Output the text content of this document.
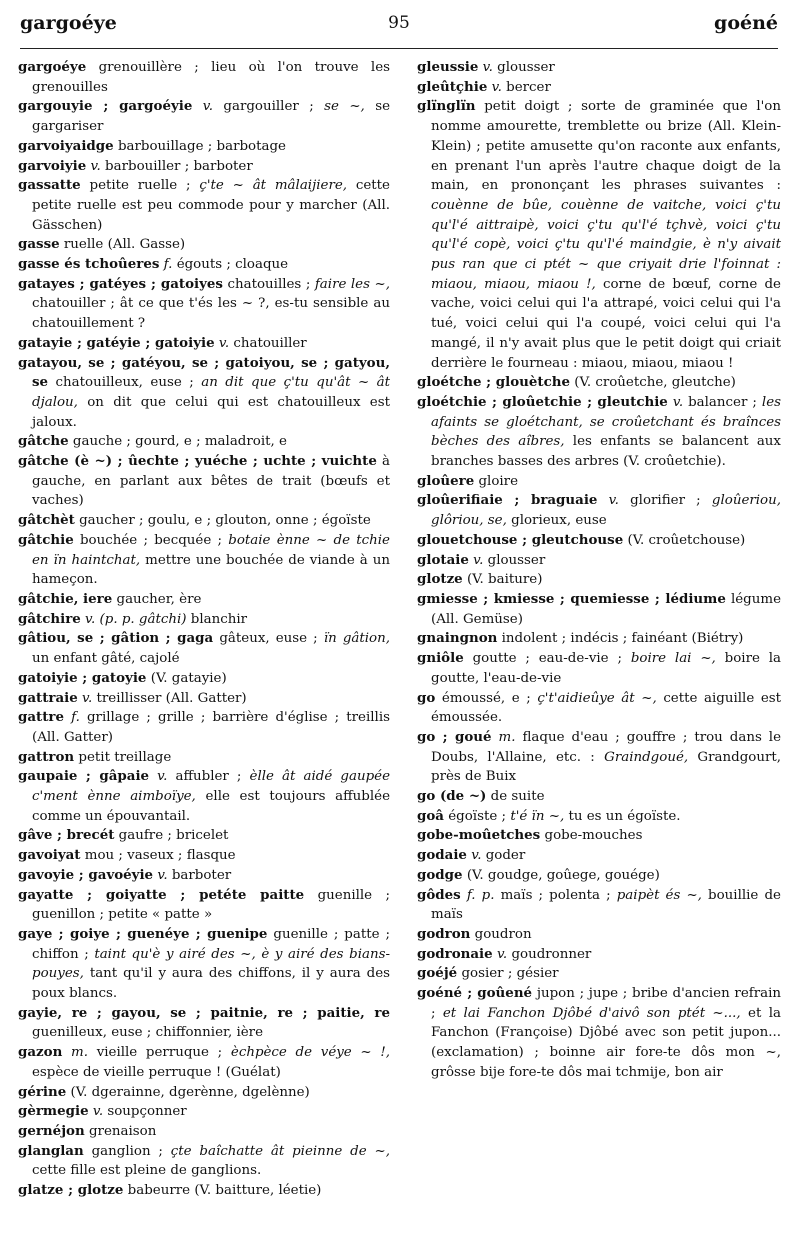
gargoéye	95	goéné

gargoéye grenouillère ; lieu où l'on trouve les grenouilles

gargouyie ; gargoéyie v. gargouiller ; se ~, se gargariser

garvoiyaidge barbouillage ; barbotage

garvoiyie v. barbouiller ; barboter

gassatte petite ruelle ; ç'te ~ ât mâlaijiere, cette petite ruelle est peu commode pour y marcher (All. Gässchen)

gasse ruelle (All. Gasse)

gasse és tchoûeres f. égouts ; cloaque

gatayes ; gatéyes ; gatoiyes chatouilles ; faire les ~, chatouiller ; ât ce que t'és les ~ ?, es-tu sensible au chatouillement ?

gatayie ; gatéyie ; gatoiyie v. chatouiller

gatayou, se ; gatéyou, se ; gatoiyou, se ; gatyou, se chatouilleux, euse ; an dit que ç'tu qu'ât ~ ât djalou, on dit que celui qui est chatouilleux est jaloux.

gâtche gauche ; gourd, e ; maladroit, e

gâtche (è ~) ; ûechte ; yuéche ; uchte ; vuichte à gauche, en parlant aux bêtes de trait (bœufs et vaches)

gâtchèt gaucher ; goulu, e ; glouton, onne ; égoïste

gâtchie bouchée ; becquée ; botaie ènne ~ de tchie en ïn haintchat, mettre une bouchée de viande à un hameçon.

gâtchie, iere gaucher, ère

gâtchire v. (p. p. gâtchi) blanchir

gâtiou, se ; gâtion ; gaga gâteux, euse ; ïn gâtion, un enfant gâté, cajolé

gatoiyie ; gatoyie (V. gatayie)

gattraie v. treillisser (All. Gatter)

gattre f. grillage ; grille ; barrière d'église ; treillis (All. Gatter)

gattron petit treillage

gaupaie ; gâpaie v. affubler ; èlle ât aidé gaupée c'ment ènne aimboïye, elle est toujours affublée comme un épouvantail.

gâve ; brecét gaufre ; bricelet

gavoiyat mou ; vaseux ; flasque

gavoyie ; gavoéyie v. barboter

gayatte ; goiyatte ; petéte paitte guenille ; guenillon ; petite « patte »

gaye ; goiye ; guenéye ; guenipe guenille ; patte ; chiffon ; taint qu'è y airé des ~, è y airé des bians-pouyes, tant qu'il y aura des chiffons, il y aura des poux blancs.

gayie, re ; gayou, se ; paitnie, re ; paitie, re guenilleux, euse ; chiffonnier, ière

gazon m. vieille perruque ; èchpèce de véye ~ !, espèce de vieille perruque ! (Guélat)

gérine (V. dgerainne, dgerènne, dgelènne)

gèrmegie v. soupçonner

gernéjon grenaison

glanglan ganglion ; çte baîchatte ât pieinne de ~, cette fille est pleine de ganglions.

glatze ; glotze babeurre (V. baitture, léetie)

gleussie v. glousser

gleûtçhie v. bercer

glïnglïn petit doigt ; sorte de graminée que l'on nomme amourette, tremblette ou brize (All. Klein-Klein) ; petite amusette qu'on raconte aux enfants, en prenant l'un après l'autre chaque doigt de la main, en prononçant les phrases suivantes : couènne de bûe, couènne de vaitche, voici ç'tu qu'l'é aittraipè, voici ç'tu qu'l'é tçhvè, voici ç'tu qu'l'é copè, voici ç'tu qu'l'é maindgie, è n'y aivait pus ran que ci ptét ~ que criyait drie l'foinnat : miaou, miaou, miaou !, corne de bœuf, corne de vache, voici celui qui l'a attrapé, voici celui qui l'a tué, voici celui qui l'a coupé, voici celui qui l'a mangé, il n'y avait plus que le petit doigt qui criait derrière le fourneau : miaou, miaou, miaou !

gloétche ; glouètche (V. croûetche, gleutche)

gloétchie ; gloûetchie ; gleutchie v. balancer ; les afaints se gloétchant, se croûetchant és braînces bèches des aîbres, les enfants se balancent aux branches basses des arbres (V. croûetchie).

gloûere gloire

gloûerifiaie ; braguaie v. glorifier ; gloûeriou, glôriou, se, glorieux, euse

glouetchouse ; gleutchouse (V. croûetchouse)

glotaie v. glousser

glotze (V. baiture)

gmiesse ; kmiesse ; quemiesse ; lédiume légume (All. Gemüse)

gnaingnon indolent ; indécis ; fainéant (Biétry)

gniôle goutte ; eau-de-vie ; boire lai ~, boire la goutte, l'eau-de-vie

go émoussé, e ; ç't'aidieûye ât ~, cette aiguille est émoussée.

go ; goué m. flaque d'eau ; gouffre ; trou dans le Doubs, l'Allaine, etc. : Graindgoué, Grandgourt, près de Buix

go (de ~) de suite

goâ égoïste ; t'é ïn ~, tu es un égoïste.

gobe-moûetches gobe-mouches

godaie v. goder

godge (V. goudge, goûege, gouége)

gôdes f. p. maïs ; polenta ; paipèt és ~, bouillie de maïs

godron goudron

godronaie v. goudronner

goéjé gosier ; gésier

goéné ; goûené jupon ; jupe ; bribe d'ancien refrain ; et lai Fanchon Djôbé d'aivô son ptét ~..., et la Fanchon (Françoise) Djôbé avec son petit jupon... (exclamation) ; boinne air fore-te dôs mon ~, grôsse bije fore-te dôs mai tchmije, bon air
